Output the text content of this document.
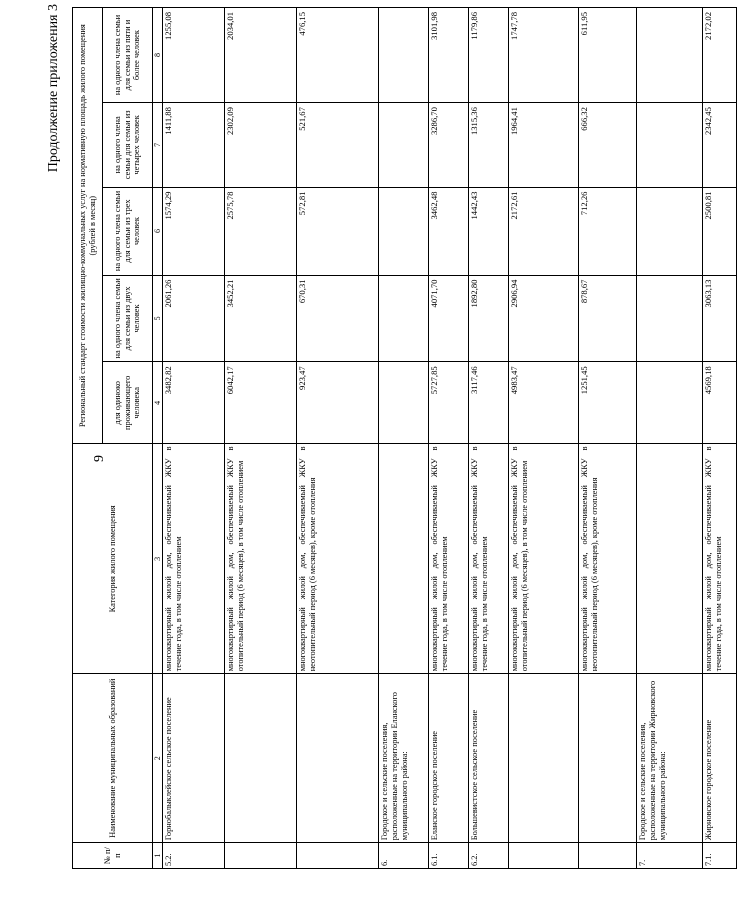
9
Продолжение приложения 3
№ п/п	Наименование муниципальных образований	Категория жилого помещения	Региональный стандарт стоимости жилищно-коммунальных услуг на нормативную площадь жилого помещения (рублей в месяц)				
			для одиноко проживающего человека	на одного члена семьи для семьи из двух человек	на одного члена семьи для семьи из трех человек	на одного члена семьи для семьи из четырех человек	на одного члена семьи для семьи из пяти и более человек
1	2	3	4	5	6	7	8
5.2.	Горнобалыклейское сельское поселение	многоквартирный жилой дом, обеспечиваемый ЖКУ в течение года, в том числе отоплением	3482,82	2061,26	1574,29	1411,88	1255,08
		многоквартирный жилой дом, обеспечиваемый ЖКУ в отопительный период (6 месяцев), в том числе отоплением	6042,17	3452,21	2575,78	2302,09	2034,01
		многоквартирный жилой дом, обеспечиваемый ЖКУ в неотопительный период (6 месяцев), кроме отопления	923,47	670,31	572,81	521,67	476,15
6.	Городское и сельские поселения, расположенные на территории Еланского муниципального района:						
6.1.	Еланское городское поселение	многоквартирный жилой дом, обеспечиваемый ЖКУ в течение года, в том числе отоплением	5727,85	4071,70	3462,48	3286,70	3101,98
6.2.	Большевистское сельское поселение	многоквартирный жилой дом, обеспечиваемый ЖКУ в течение года, в том числе отоплением	3117,46	1892,80	1442,43	1315,36	1179,86
		многоквартирный жилой дом, обеспечиваемый ЖКУ в отопительный период (6 месяцев), в том числе отоплением	4983,47	2906,94	2172,61	1964,41	1747,78
		многоквартирный жилой дом, обеспечиваемый ЖКУ в неотопительный период (6 месяцев), кроме отопления	1251,45	878,67	712,26	666,32	611,95
7.	Городское и сельские поселения, расположенные на территории Жирновского муниципального района:						
7.1.	Жирновское городское поселение	многоквартирный жилой дом, обеспечиваемый ЖКУ в течение года, в том числе отоплением	4569,18	3063,13	2500,81	2342,45	2172,02
